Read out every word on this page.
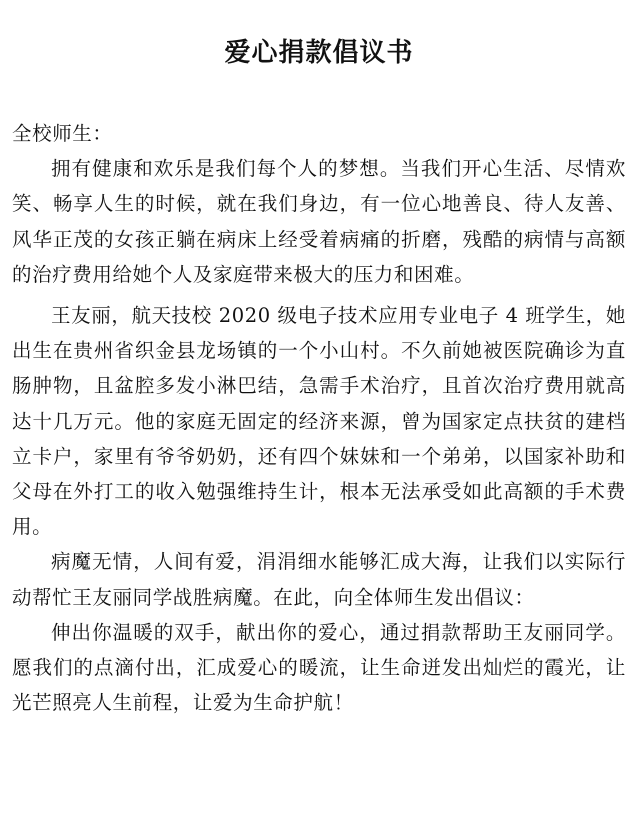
爱心捐款倡议书

全校师生：

拥有健康和欢乐是我们每个人的梦想。当我们开心生活、尽情欢笑、畅享人生的时候，就在我们身边，有一位心地善良、待人友善、风华正茂的女孩正躺在病床上经受着病痛的折磨，残酷的病情与高额的治疗费用给她个人及家庭带来极大的压力和困难。

王友丽，航天技校 2020 级电子技术应用专业电子 4 班学生，她出生在贵州省织金县龙场镇的一个小山村。不久前她被医院确诊为直肠肿物，且盆腔多发小淋巴结，急需手术治疗，且首次治疗费用就高达十几万元。他的家庭无固定的经济来源，曾为国家定点扶贫的建档立卡户，家里有爷爷奶奶，还有四个妹妹和一个弟弟，以国家补助和父母在外打工的收入勉强维持生计，根本无法承受如此高额的手术费用。

病魔无情，人间有爱，涓涓细水能够汇成大海，让我们以实际行动帮忙王友丽同学战胜病魔。在此，向全体师生发出倡议：

伸出你温暖的双手，献出你的爱心，通过捐款帮助王友丽同学。愿我们的点滴付出，汇成爱心的暖流，让生命迸发出灿烂的霞光，让光芒照亮人生前程，让爱为生命护航！
